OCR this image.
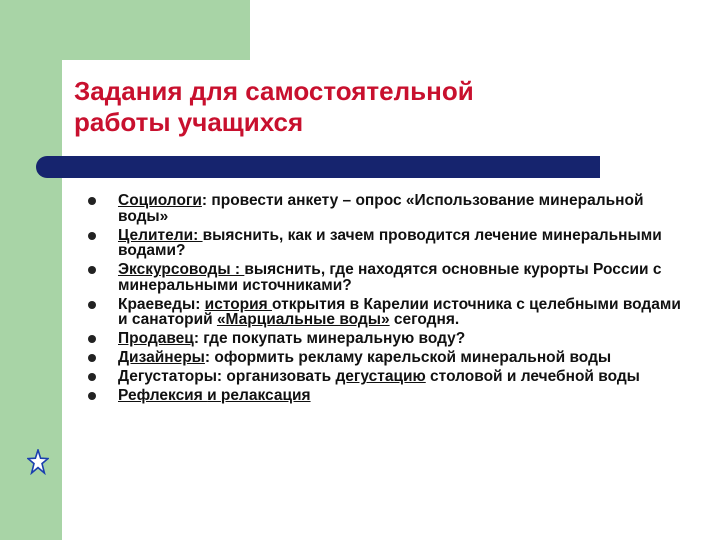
Задания для самостоятельной
работы учащихся
Социологи: провести анкету – опрос «Использование минеральной воды»
Целители: выяснить, как и зачем проводится лечение минеральными водами?
Экскурсоводы : выяснить, где находятся основные курорты России с минеральными источниками?
Краеведы: история открытия в Карелии источника с целебными водами и санаторий «Марциальные воды» сегодня.
Продавец: где покупать минеральную воду?
Дизайнеры: оформить рекламу карельской минеральной воды
Дегустаторы: организовать дегустацию столовой и лечебной воды
Рефлексия и релаксация
